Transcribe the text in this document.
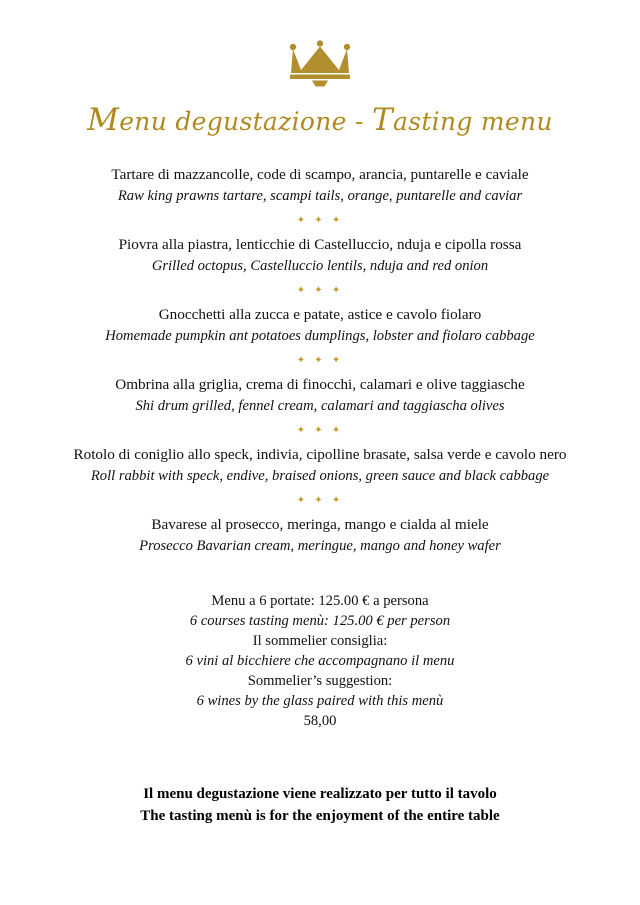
Menu degustazione - Tasting menu
Tartare di mazzancolle, code di scampo, arancia, puntarelle e caviale
Raw king prawns tartare, scampi tails, orange, puntarelle and caviar
✦ ✦ ✦
Piovra alla piastra, lenticchie di Castelluccio, nduja e cipolla rossa
Grilled octopus, Castelluccio lentils, nduja and red onion
✦ ✦ ✦
Gnocchetti alla zucca e patate, astice e cavolo fiolaro
Homemade pumpkin ant potatoes dumplings, lobster and fiolaro cabbage
✦ ✦ ✦
Ombrina alla griglia, crema di finocchi, calamari e olive taggiasche
Shi drum grilled, fennel cream, calamari and taggiascha olives
✦ ✦ ✦
Rotolo di coniglio allo speck, indivia, cipolline brasate, salsa verde e cavolo nero
Roll rabbit with speck, endive, braised onions, green sauce and black cabbage
✦ ✦ ✦
Bavarese al prosecco, meringa, mango e cialda al miele
Prosecco Bavarian cream, meringue, mango and honey wafer
Menu a 6 portate: 125.00 € a persona
6 courses tasting menù: 125.00 € per person
Il sommelier consiglia:
6 vini al bicchiere che accompagnano il menu
Sommelier’s suggestion:
6 wines by the glass paired with this menù
58,00
Il menu degustazione viene realizzato per tutto il tavolo
The tasting menù is for the enjoyment of the entire table
